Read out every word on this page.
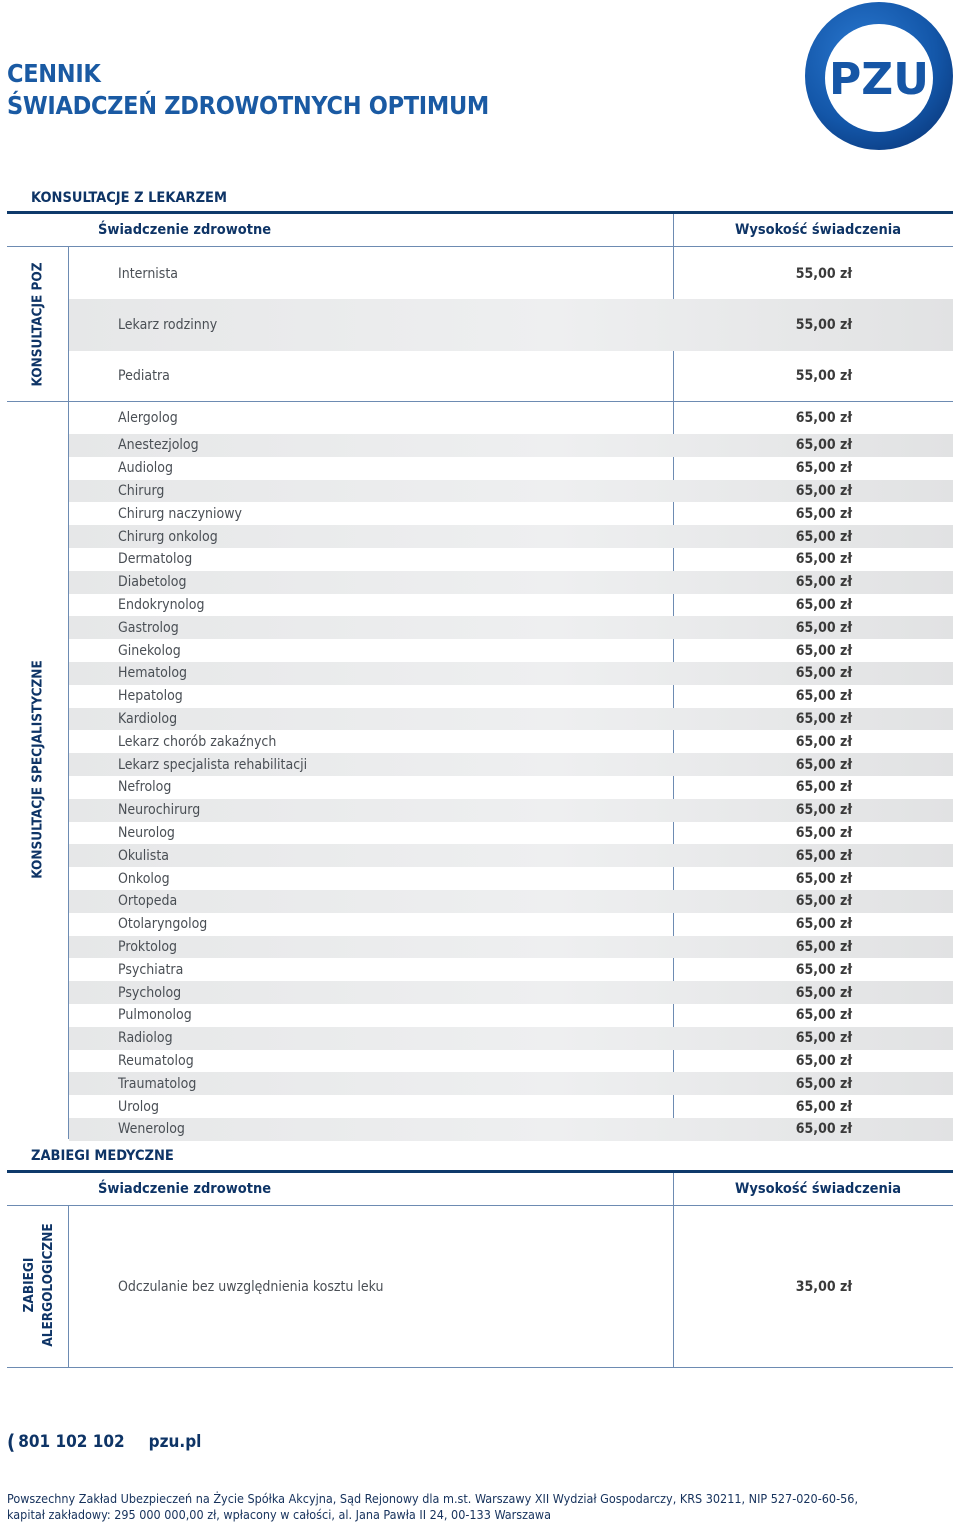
CENNIK
ŚWIADCZEŃ ZDROWOTNYCH OPTIMUM
PZU
KONSULTACJE Z LEKARZEM
Świadczenie zdrowotne	Wysokość świadczenia
KONSULTACJE POZ	Internista	55,00 zł
Lekarz rodzinny	55,00 zł
Pediatra	55,00 zł
KONSULTACJE SPECJALISTYCZNE
Alergolog	65,00 zł
Anestezjolog	65,00 zł
Audiolog	65,00 zł
Chirurg	65,00 zł
Chirurg naczyniowy	65,00 zł
Chirurg onkolog	65,00 zł
Dermatolog	65,00 zł
Diabetolog	65,00 zł
Endokrynolog	65,00 zł
Gastrolog	65,00 zł
Ginekolog	65,00 zł
Hematolog	65,00 zł
Hepatolog	65,00 zł
Kardiolog	65,00 zł
Lekarz chorób zakaźnych	65,00 zł
Lekarz specjalista rehabilitacji	65,00 zł
Nefrolog	65,00 zł
Neurochirurg	65,00 zł
Neurolog	65,00 zł
Okulista	65,00 zł
Onkolog	65,00 zł
Ortopeda	65,00 zł
Otolaryngolog	65,00 zł
Proktolog	65,00 zł
Psychiatra	65,00 zł
Psycholog	65,00 zł
Pulmonolog	65,00 zł
Radiolog	65,00 zł
Reumatolog	65,00 zł
Traumatolog	65,00 zł
Urolog	65,00 zł
Wenerolog	65,00 zł
ZABIEGI MEDYCZNE
Świadczenie zdrowotne	Wysokość świadczenia
ZABIEGI ALERGOLOGICZNE	Odczulanie bez uwzględnienia kosztu leku	35,00 zł
( 801 102 102 pzu.pl
Powszechny Zakład Ubezpieczeń na Życie Spółka Akcyjna, Sąd Rejonowy dla m.st. Warszawy XII Wydział Gospodarczy, KRS 30211, NIP 527-020-60-56,
kapitał zakładowy: 295 000 000,00 zł, wpłacony w całości, al. Jana Pawła II 24, 00-133 Warszawa
